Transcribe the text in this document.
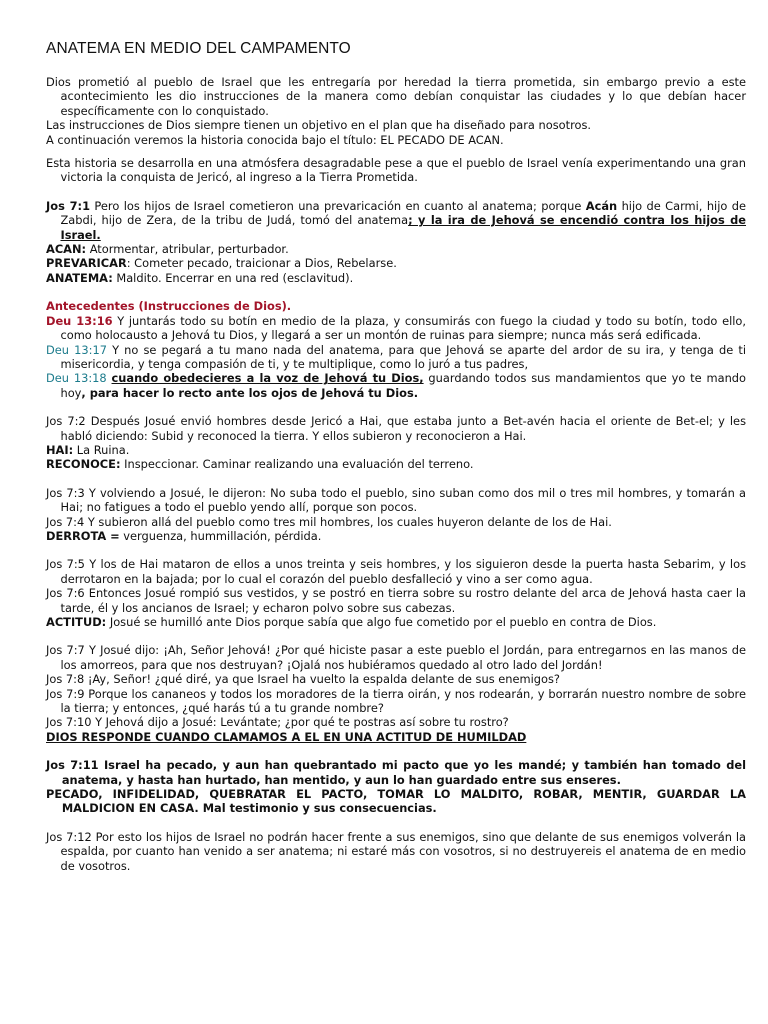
ANATEMA EN MEDIO DEL CAMPAMENTO

Dios prometió al pueblo de Israel que les entregaría por heredad la tierra prometida, sin embargo previo a este acontecimiento les dio instrucciones de la manera como debían conquistar las ciudades y lo que debían hacer específicamente con lo conquistado.

Las instrucciones de Dios siempre tienen un objetivo en el plan que ha diseñado para nosotros.

A continuación veremos la historia conocida bajo el título: EL PECADO DE ACAN.

Esta historia se desarrolla en una atmósfera desagradable pese a que el pueblo de Israel venía experimentando una gran victoria la conquista de Jericó, al ingreso a la Tierra Prometida.

Jos 7:1 Pero los hijos de Israel cometieron una prevaricación en cuanto al anatema; porque Acán hijo de Carmi, hijo de Zabdi, hijo de Zera, de la tribu de Judá, tomó del anatema; y la ira de Jehová se encendió contra los hijos de Israel.

ACAN: Atormentar, atribular, perturbador.

PREVARICAR: Cometer pecado, traicionar a Dios, Rebelarse.

ANATEMA: Maldito. Encerrar en una red (esclavitud).

Antecedentes (Instrucciones de Dios).

Deu 13:16 Y juntarás todo su botín en medio de la plaza, y consumirás con fuego la ciudad y todo su botín, todo ello, como holocausto a Jehová tu Dios, y llegará a ser un montón de ruinas para siempre; nunca más será edificada.

Deu 13:17 Y no se pegará a tu mano nada del anatema, para que Jehová se aparte del ardor de su ira, y tenga de ti misericordia, y tenga compasión de ti, y te multiplique, como lo juró a tus padres,

Deu 13:18 cuando obedecieres a la voz de Jehová tu Dios, guardando todos sus mandamientos que yo te mando hoy, para hacer lo recto ante los ojos de Jehová tu Dios.

Jos 7:2 Después Josué envió hombres desde Jericó a Hai, que estaba junto a Bet-avén hacia el oriente de Bet-el; y les habló diciendo: Subid y reconoced la tierra. Y ellos subieron y reconocieron a Hai.

HAI: La Ruina.

RECONOCE: Inspeccionar. Caminar realizando una evaluación del terreno.

Jos 7:3 Y volviendo a Josué, le dijeron: No suba todo el pueblo, sino suban como dos mil o tres mil hombres, y tomarán a Hai; no fatigues a todo el pueblo yendo allí, porque son pocos.

Jos 7:4 Y subieron allá del pueblo como tres mil hombres, los cuales huyeron delante de los de Hai.

DERROTA = verguenza, hummillación, pérdida.

Jos 7:5 Y los de Hai mataron de ellos a unos treinta y seis hombres, y los siguieron desde la puerta hasta Sebarim, y los derrotaron en la bajada; por lo cual el corazón del pueblo desfalleció y vino a ser como agua.

Jos 7:6 Entonces Josué rompió sus vestidos, y se postró en tierra sobre su rostro delante del arca de Jehová hasta caer la tarde, él y los ancianos de Israel; y echaron polvo sobre sus cabezas.

ACTITUD: Josué se humilló ante Dios porque sabía que algo fue cometido por el pueblo en contra de Dios.

Jos 7:7 Y Josué dijo: ¡Ah, Señor Jehová! ¿Por qué hiciste pasar a este pueblo el Jordán, para entregarnos en las manos de los amorreos, para que nos destruyan? ¡Ojalá nos hubiéramos quedado al otro lado del Jordán!

Jos 7:8 ¡Ay, Señor! ¿qué diré, ya que Israel ha vuelto la espalda delante de sus enemigos?

Jos 7:9 Porque los cananeos y todos los moradores de la tierra oirán, y nos rodearán, y borrarán nuestro nombre de sobre la tierra; y entonces, ¿qué harás tú a tu grande nombre?

Jos 7:10 Y Jehová dijo a Josué: Levántate; ¿por qué te postras así sobre tu rostro?

DIOS RESPONDE CUANDO CLAMAMOS A EL EN UNA ACTITUD DE HUMILDAD

Jos 7:11 Israel ha pecado, y aun han quebrantado mi pacto que yo les mandé; y también han tomado del anatema, y hasta han hurtado, han mentido, y aun lo han guardado entre sus enseres.

PECADO, INFIDELIDAD, QUEBRATAR EL PACTO, TOMAR LO MALDITO, ROBAR, MENTIR, GUARDAR LA MALDICION EN CASA. Mal testimonio y sus consecuencias.

Jos 7:12 Por esto los hijos de Israel no podrán hacer frente a sus enemigos, sino que delante de sus enemigos volverán la espalda, por cuanto han venido a ser anatema; ni estaré más con vosotros, si no destruyereis el anatema de en medio de vosotros.
